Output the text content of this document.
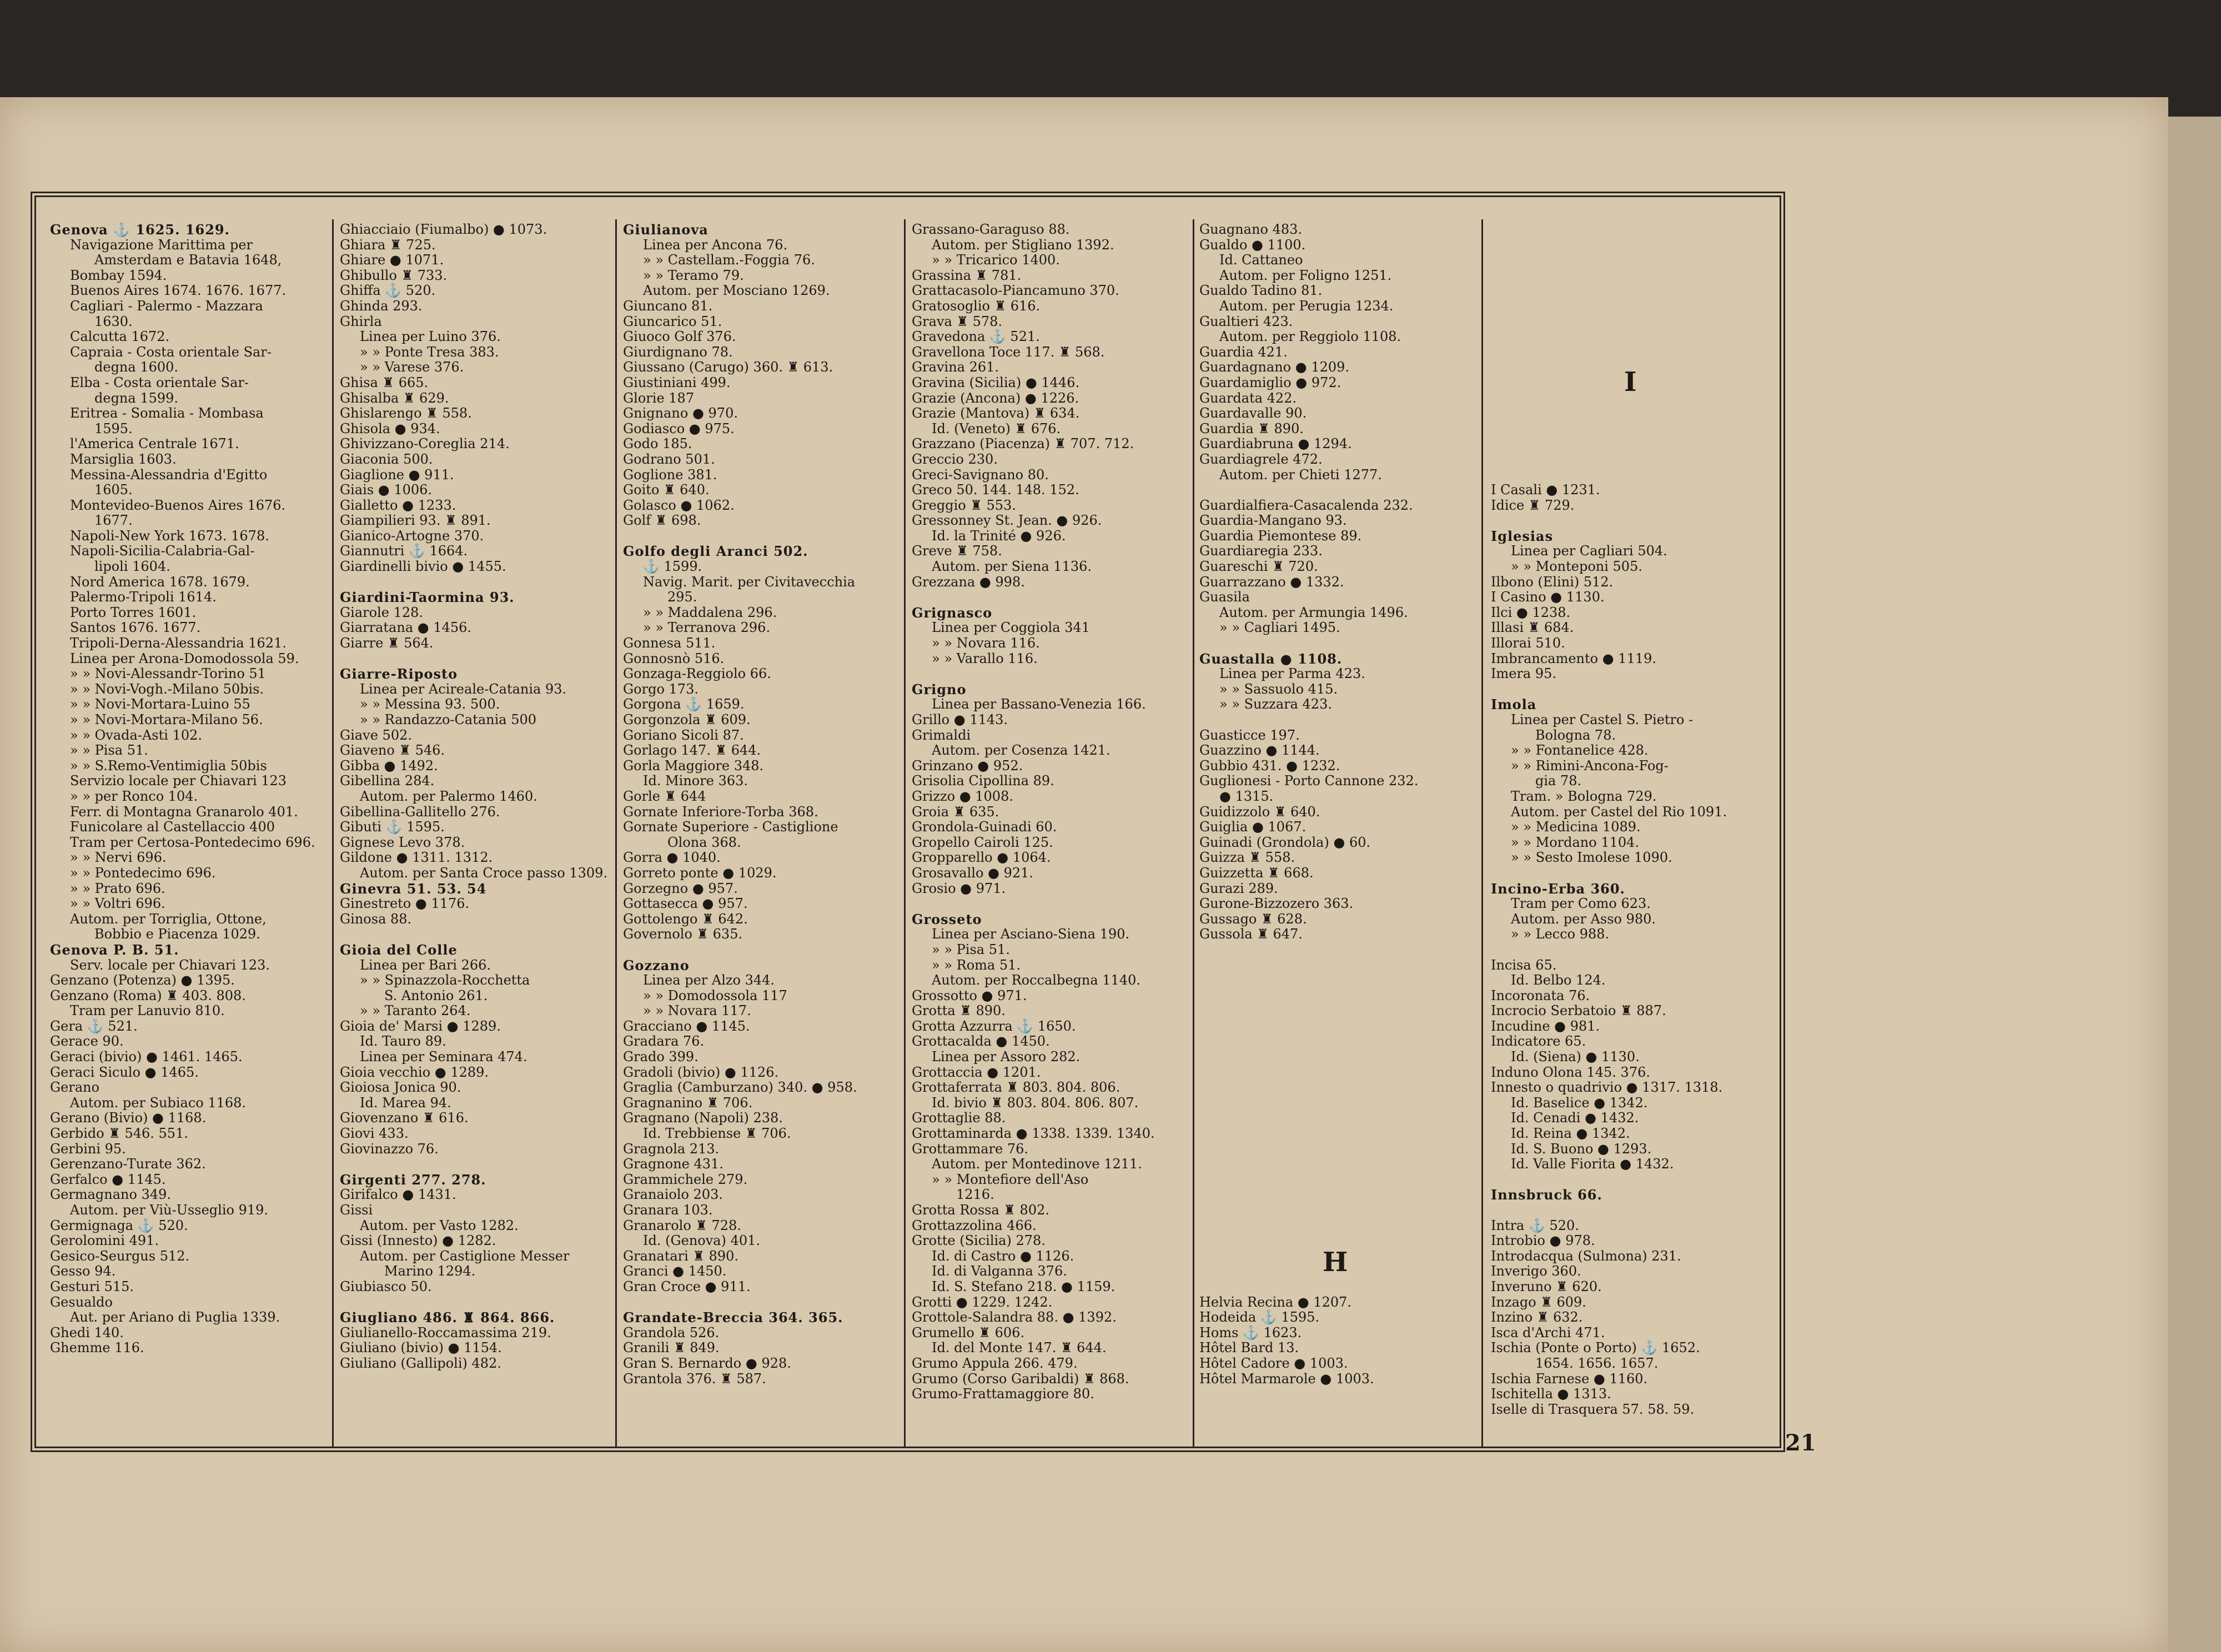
Genova ⚓ 1625. 1629.
Navigazione Marittima per
Amsterdam e Batavia 1648,
Bombay 1594.
Buenos Aires 1674. 1676. 1677.
Cagliari - Palermo - Mazzara
1630.
Calcutta 1672.
Capraia - Costa orientale Sar-
degna 1600.
Elba - Costa orientale Sar-
degna 1599.
Eritrea - Somalia - Mombasa
1595.
l'America Centrale 1671.
Marsiglia 1603.
Messina-Alessandria d'Egitto
1605.
Montevideo-Buenos Aires 1676.
1677.
Napoli-New York 1673. 1678.
Napoli-Sicilia-Calabria-Gal-
lipoli 1604.
Nord America 1678. 1679.
Palermo-Tripoli 1614.
Porto Torres 1601.
Santos 1676. 1677.
Tripoli-Derna-Alessandria 1621.
Linea per Arona-Domodossola 59.
» » Novi-Alessandr-Torino 51
» » Novi-Vogh.-Milano 50bis.
» » Novi-Mortara-Luino 55
» » Novi-Mortara-Milano 56.
» » Ovada-Asti 102.
» » Pisa 51.
» » S.Remo-Ventimiglia 50bis
Servizio locale per Chiavari 123
» » per Ronco 104.
Ferr. di Montagna Granarolo 401.
Funicolare al Castellaccio 400
Tram per Certosa-Pontedecimo 696.
» » Nervi 696.
» » Pontedecimo 696.
» » Prato 696.
» » Voltri 696.
Autom. per Torriglia, Ottone,
Bobbio e Piacenza 1029.
Genova P. B. 51.
Serv. locale per Chiavari 123.
Genzano (Potenza) ● 1395.
Genzano (Roma) ♜ 403. 808.
Tram per Lanuvio 810.
Gera ⚓ 521.
Gerace 90.
Geraci (bivio) ● 1461. 1465.
Geraci Siculo ● 1465.
Gerano
Autom. per Subiaco 1168.
Gerano (Bivio) ● 1168.
Gerbido ♜ 546. 551.
Gerbini 95.
Gerenzano-Turate 362.
Gerfalco ● 1145.
Germagnano 349.
Autom. per Viù-Usseglio 919.
Germignaga ⚓ 520.
Gerolomini 491.
Gesico-Seurgus 512.
Gesso 94.
Gesturi 515.
Gesualdo
Aut. per Ariano di Puglia 1339.
Ghedi 140.
Ghemme 116.
Ghiacciaio (Fiumalbo) ● 1073.
Ghiara ♜ 725.
Ghiare ● 1071.
Ghibullo ♜ 733.
Ghiffa ⚓ 520.
Ghinda 293.
Ghirla
Linea per Luino 376.
» » Ponte Tresa 383.
» » Varese 376.
Ghisa ♜ 665.
Ghisalba ♜ 629.
Ghislarengo ♜ 558.
Ghisola ● 934.
Ghivizzano-Coreglia 214.
Giaconia 500.
Giaglione ● 911.
Giais ● 1006.
Gialletto ● 1233.
Giampilieri 93. ♜ 891.
Gianico-Artogne 370.
Giannutri ⚓ 1664.
Giardinelli bivio ● 1455.
Giardini-Taormina 93.
Giarole 128.
Giarratana ● 1456.
Giarre ♜ 564.
Giarre-Riposto
Linea per Acireale-Catania 93.
» » Messina 93. 500.
» » Randazzo-Catania 500
Giave 502.
Giaveno ♜ 546.
Gibba ● 1492.
Gibellina 284.
Autom. per Palermo 1460.
Gibellina-Gallitello 276.
Gibuti ⚓ 1595.
Gignese Levo 378.
Gildone ● 1311. 1312.
Autom. per Santa Croce passo 1309.
Ginevra 51. 53. 54
Ginestreto ● 1176.
Ginosa 88.
Gioia del Colle
Linea per Bari 266.
» » Spinazzola-Rocchetta
S. Antonio 261.
» » Taranto 264.
Gioia de' Marsi ● 1289.
Id. Tauro 89.
Linea per Seminara 474.
Gioia vecchio ● 1289.
Gioiosa Jonica 90.
Id. Marea 94.
Giovenzano ♜ 616.
Giovi 433.
Giovinazzo 76.
Girgenti 277. 278.
Girifalco ● 1431.
Gissi
Autom. per Vasto 1282.
Gissi (Innesto) ● 1282.
Autom. per Castiglione Messer
Marino 1294.
Giubiasco 50.
Giugliano 486. ♜ 864. 866.
Giulianello-Roccamassima 219.
Giuliano (bivio) ● 1154.
Giuliano (Gallipoli) 482.
Giulianova
Linea per Ancona 76.
» » Castellam.-Foggia 76.
» » Teramo 79.
Autom. per Mosciano 1269.
Giuncano 81.
Giuncarico 51.
Giuoco Golf 376.
Giurdignano 78.
Giussano (Carugo) 360. ♜ 613.
Giustiniani 499.
Glorie 187
Gnignano ● 970.
Godiasco ● 975.
Godo 185.
Godrano 501.
Goglione 381.
Goito ♜ 640.
Golasco ● 1062.
Golf ♜ 698.
Golfo degli Aranci 502.
⚓ 1599.
Navig. Marit. per Civitavecchia
295.
» » Maddalena 296.
» » Terranova 296.
Gonnesa 511.
Gonnosnò 516.
Gonzaga-Reggiolo 66.
Gorgo 173.
Gorgona ⚓ 1659.
Gorgonzola ♜ 609.
Goriano Sicoli 87.
Gorlago 147. ♜ 644.
Gorla Maggiore 348.
Id. Minore 363.
Gorle ♜ 644
Gornate Inferiore-Torba 368.
Gornate Superiore - Castiglione
Olona 368.
Gorra ● 1040.
Gorreto ponte ● 1029.
Gorzegno ● 957.
Gottasecca ● 957.
Gottolengo ♜ 642.
Governolo ♜ 635.
Gozzano
Linea per Alzo 344.
» » Domodossola 117
» » Novara 117.
Gracciano ● 1145.
Gradara 76.
Grado 399.
Gradoli (bivio) ● 1126.
Graglia (Camburzano) 340. ● 958.
Gragnanino ♜ 706.
Gragnano (Napoli) 238.
Id. Trebbiense ♜ 706.
Gragnola 213.
Gragnone 431.
Grammichele 279.
Granaiolo 203.
Granara 103.
Granarolo ♜ 728.
Id. (Genova) 401.
Granatari ♜ 890.
Granci ● 1450.
Gran Croce ● 911.
Grandate-Breccia 364. 365.
Grandola 526.
Granili ♜ 849.
Gran S. Bernardo ● 928.
Grantola 376. ♜ 587.
Grassano-Garaguso 88.
Autom. per Stigliano 1392.
» » Tricarico 1400.
Grassina ♜ 781.
Grattacasolo-Piancamuno 370.
Gratosoglio ♜ 616.
Grava ♜ 578.
Gravedona ⚓ 521.
Gravellona Toce 117. ♜ 568.
Gravina 261.
Gravina (Sicilia) ● 1446.
Grazie (Ancona) ● 1226.
Grazie (Mantova) ♜ 634.
Id. (Veneto) ♜ 676.
Grazzano (Piacenza) ♜ 707. 712.
Greccio 230.
Greci-Savignano 80.
Greco 50. 144. 148. 152.
Greggio ♜ 553.
Gressonney St. Jean. ● 926.
Id. la Trinité ● 926.
Greve ♜ 758.
Autom. per Siena 1136.
Grezzana ● 998.
Grignasco
Linea per Coggiola 341
» » Novara 116.
» » Varallo 116.
Grigno
Linea per Bassano-Venezia 166.
Grillo ● 1143.
Grimaldi
Autom. per Cosenza 1421.
Grinzano ● 952.
Grisolia Cipollina 89.
Grizzo ● 1008.
Groia ♜ 635.
Grondola-Guinadi 60.
Gropello Cairoli 125.
Gropparello ● 1064.
Grosavallo ● 921.
Grosio ● 971.
Grosseto
Linea per Asciano-Siena 190.
» » Pisa 51.
» » Roma 51.
Autom. per Roccalbegna 1140.
Grossotto ● 971.
Grotta ♜ 890.
Grotta Azzurra ⚓ 1650.
Grottacalda ● 1450.
Linea per Assoro 282.
Grottaccia ● 1201.
Grottaferrata ♜ 803. 804. 806.
Id. bivio ♜ 803. 804. 806. 807.
Grottaglie 88.
Grottaminarda ● 1338. 1339. 1340.
Grottammare 76.
Autom. per Montedinove 1211.
» » Montefiore dell'Aso
1216.
Grotta Rossa ♜ 802.
Grottazzolina 466.
Grotte (Sicilia) 278.
Id. di Castro ● 1126.
Id. di Valganna 376.
Id. S. Stefano 218. ● 1159.
Grotti ● 1229. 1242.
Grottole-Salandra 88. ● 1392.
Grumello ♜ 606.
Id. del Monte 147. ♜ 644.
Grumo Appula 266. 479.
Grumo (Corso Garibaldi) ♜ 868.
Grumo-Frattamaggiore 80.
Guagnano 483.
Gualdo ● 1100.
Id. Cattaneo
Autom. per Foligno 1251.
Gualdo Tadino 81.
Autom. per Perugia 1234.
Gualtieri 423.
Autom. per Reggiolo 1108.
Guardia 421.
Guardagnano ● 1209.
Guardamiglio ● 972.
Guardata 422.
Guardavalle 90.
Guardia ♜ 890.
Guardiabruna ● 1294.
Guardiagrele 472.
Autom. per Chieti 1277.
Guardialfiera-Casacalenda 232.
Guardia-Mangano 93.
Guardia Piemontese 89.
Guardiaregia 233.
Guareschi ♜ 720.
Guarrazzano ● 1332.
Guasila
Autom. per Armungia 1496.
» » Cagliari 1495.
Guastalla ● 1108.
Linea per Parma 423.
» » Sassuolo 415.
» » Suzzara 423.
Guasticce 197.
Guazzino ● 1144.
Gubbio 431. ● 1232.
Guglionesi - Porto Cannone 232.
● 1315.
Guidizzolo ♜ 640.
Guiglia ● 1067.
Guinadi (Grondola) ● 60.
Guizza ♜ 558.
Guizzetta ♜ 668.
Gurazi 289.
Gurone-Bizzozero 363.
Gussago ♜ 628.
Gussola ♜ 647.
Helvia Recina ● 1207.
Hodeida ⚓ 1595.
Homs ⚓ 1623.
Hôtel Bard 13.
Hôtel Cadore ● 1003.
Hôtel Marmarole ● 1003.
I Casali ● 1231.
Idice ♜ 729.
Iglesias
Linea per Cagliari 504.
» » Monteponi 505.
Ilbono (Elini) 512.
I Casino ● 1130.
Ilci ● 1238.
Illasi ♜ 684.
Illorai 510.
Imbrancamento ● 1119.
Imera 95.
Imola
Linea per Castel S. Pietro -
Bologna 78.
» » Fontanelice 428.
» » Rimini-Ancona-Fog-
gia 78.
Tram. » Bologna 729.
Autom. per Castel del Rio 1091.
» » Medicina 1089.
» » Mordano 1104.
» » Sesto Imolese 1090.
Incino-Erba 360.
Tram per Como 623.
Autom. per Asso 980.
» » Lecco 988.
Incisa 65.
Id. Belbo 124.
Incoronata 76.
Incrocio Serbatoio ♜ 887.
Incudine ● 981.
Indicatore 65.
Id. (Siena) ● 1130.
Induno Olona 145. 376.
Innesto o quadrivio ● 1317. 1318.
Id. Baselice ● 1342.
Id. Cenadi ● 1432.
Id. Reina ● 1342.
Id. S. Buono ● 1293.
Id. Valle Fiorita ● 1432.
Innsbruck 66.
Intra ⚓ 520.
Introbio ● 978.
Introdacqua (Sulmona) 231.
Inverigo 360.
Inveruno ♜ 620.
Inzago ♜ 609.
Inzino ♜ 632.
Isca d'Archi 471.
Ischia (Ponte o Porto) ⚓ 1652.
1654. 1656. 1657.
Ischia Farnese ● 1160.
Ischitella ● 1313.
Iselle di Trasquera 57. 58. 59.
H
I
21
